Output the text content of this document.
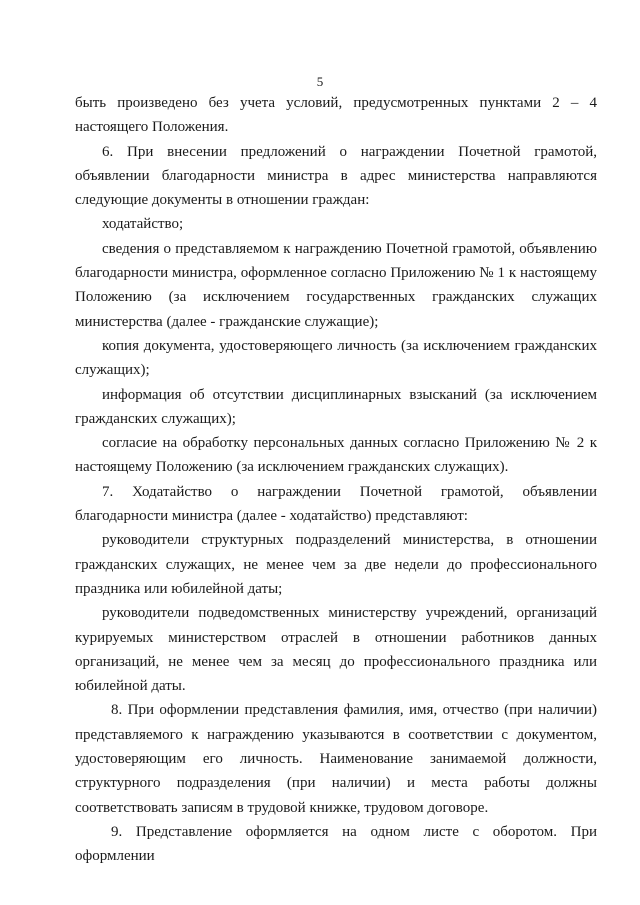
5

быть произведено без учета условий, предусмотренных пунктами 2 – 4 настоящего Положения.

6. При внесении предложений о награждении Почетной грамотой, объявлении благодарности министра в адрес министерства направляются следующие документы в отношении граждан:

ходатайство;

сведения о представляемом к награждению Почетной грамотой, объявлению благодарности министра, оформленное согласно Приложению № 1 к настоящему Положению (за исключением государственных гражданских служащих министерства (далее - гражданские служащие);

копия документа, удостоверяющего личность (за исключением гражданских служащих);

информация об отсутствии дисциплинарных взысканий (за исключением гражданских служащих);

согласие на обработку персональных данных согласно Приложению № 2 к настоящему Положению (за исключением гражданских служащих).

7. Ходатайство о награждении Почетной грамотой, объявлении благодарности министра (далее - ходатайство) представляют:

руководители структурных подразделений министерства, в отношении гражданских служащих, не менее чем за две недели до профессионального праздника или юбилейной даты;

руководители подведомственных министерству учреждений, организаций курируемых министерством отраслей в отношении работников данных организаций, не менее чем за месяц до профессионального праздника или юбилейной даты.

8. При оформлении представления фамилия, имя, отчество (при наличии) представляемого к награждению указываются в соответствии с документом, удостоверяющим его личность. Наименование занимаемой должности, структурного подразделения (при наличии) и места работы должны соответствовать записям в трудовой книжке, трудовом договоре.

9. Представление оформляется на одном листе с оборотом. При оформлении
